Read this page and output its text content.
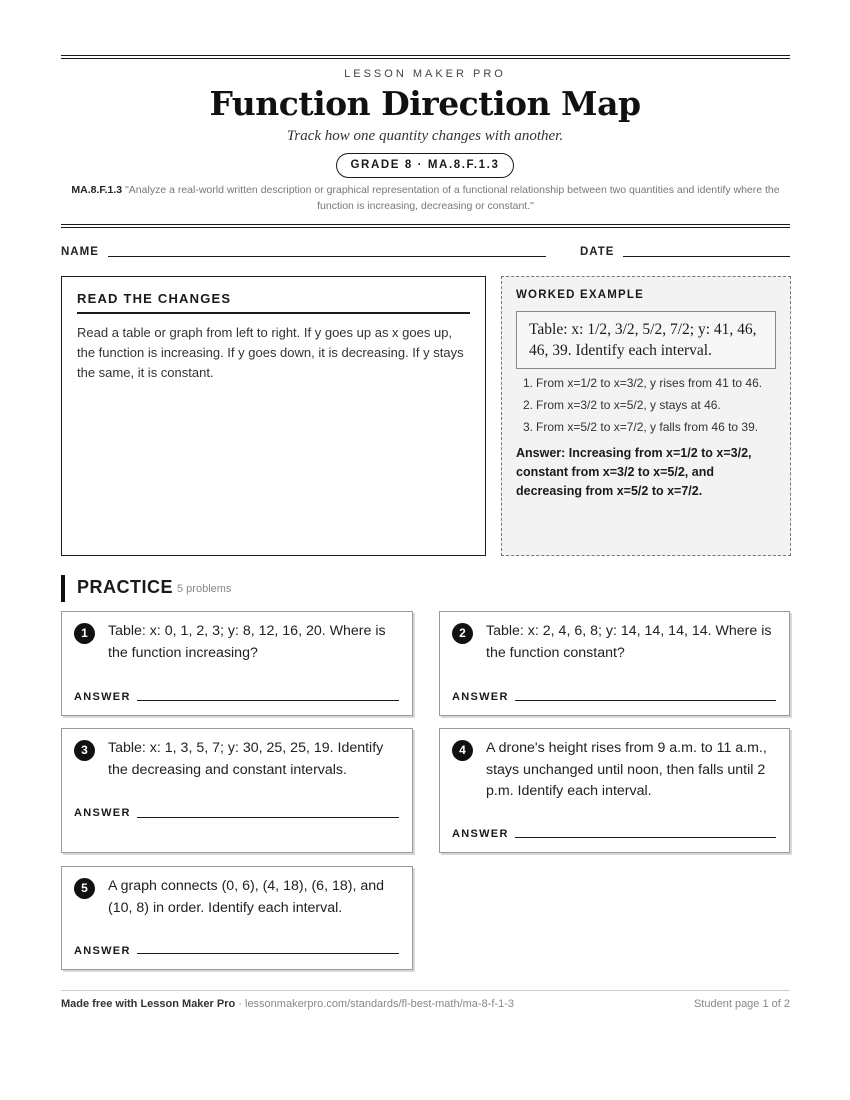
LESSON MAKER PRO
Function Direction Map
Track how one quantity changes with another.
GRADE 8 · MA.8.F.1.3
MA.8.F.1.3 "Analyze a real-world written description or graphical representation of a functional relationship between two quantities and identify where the function is increasing, decreasing or constant."
NAME	DATE
READ THE CHANGES
Read a table or graph from left to right. If y goes up as x goes up, the function is increasing. If y goes down, it is decreasing. If y stays the same, it is constant.
WORKED EXAMPLE
Table: x: 1/2, 3/2, 5/2, 7/2; y: 41, 46, 46, 39. Identify each interval.
1. From x=1/2 to x=3/2, y rises from 41 to 46.
2. From x=3/2 to x=5/2, y stays at 46.
3. From x=5/2 to x=7/2, y falls from 46 to 39.
Answer: Increasing from x=1/2 to x=3/2, constant from x=3/2 to x=5/2, and decreasing from x=5/2 to x=7/2.
PRACTICE 5 problems
1	Table: x: 0, 1, 2, 3; y: 8, 12, 16, 20. Where is the function increasing?
ANSWER
2	Table: x: 2, 4, 6, 8; y: 14, 14, 14, 14. Where is the function constant?
ANSWER
3	Table: x: 1, 3, 5, 7; y: 30, 25, 25, 19. Identify the decreasing and constant intervals.
ANSWER
4	A drone's height rises from 9 a.m. to 11 a.m., stays unchanged until noon, then falls until 2 p.m. Identify each interval.
ANSWER
5	A graph connects (0, 6), (4, 18), (6, 18), and (10, 8) in order. Identify each interval.
ANSWER
Made free with Lesson Maker Pro · lessonmakerpro.com/standards/fl-best-math/ma-8-f-1-3	Student page 1 of 2
